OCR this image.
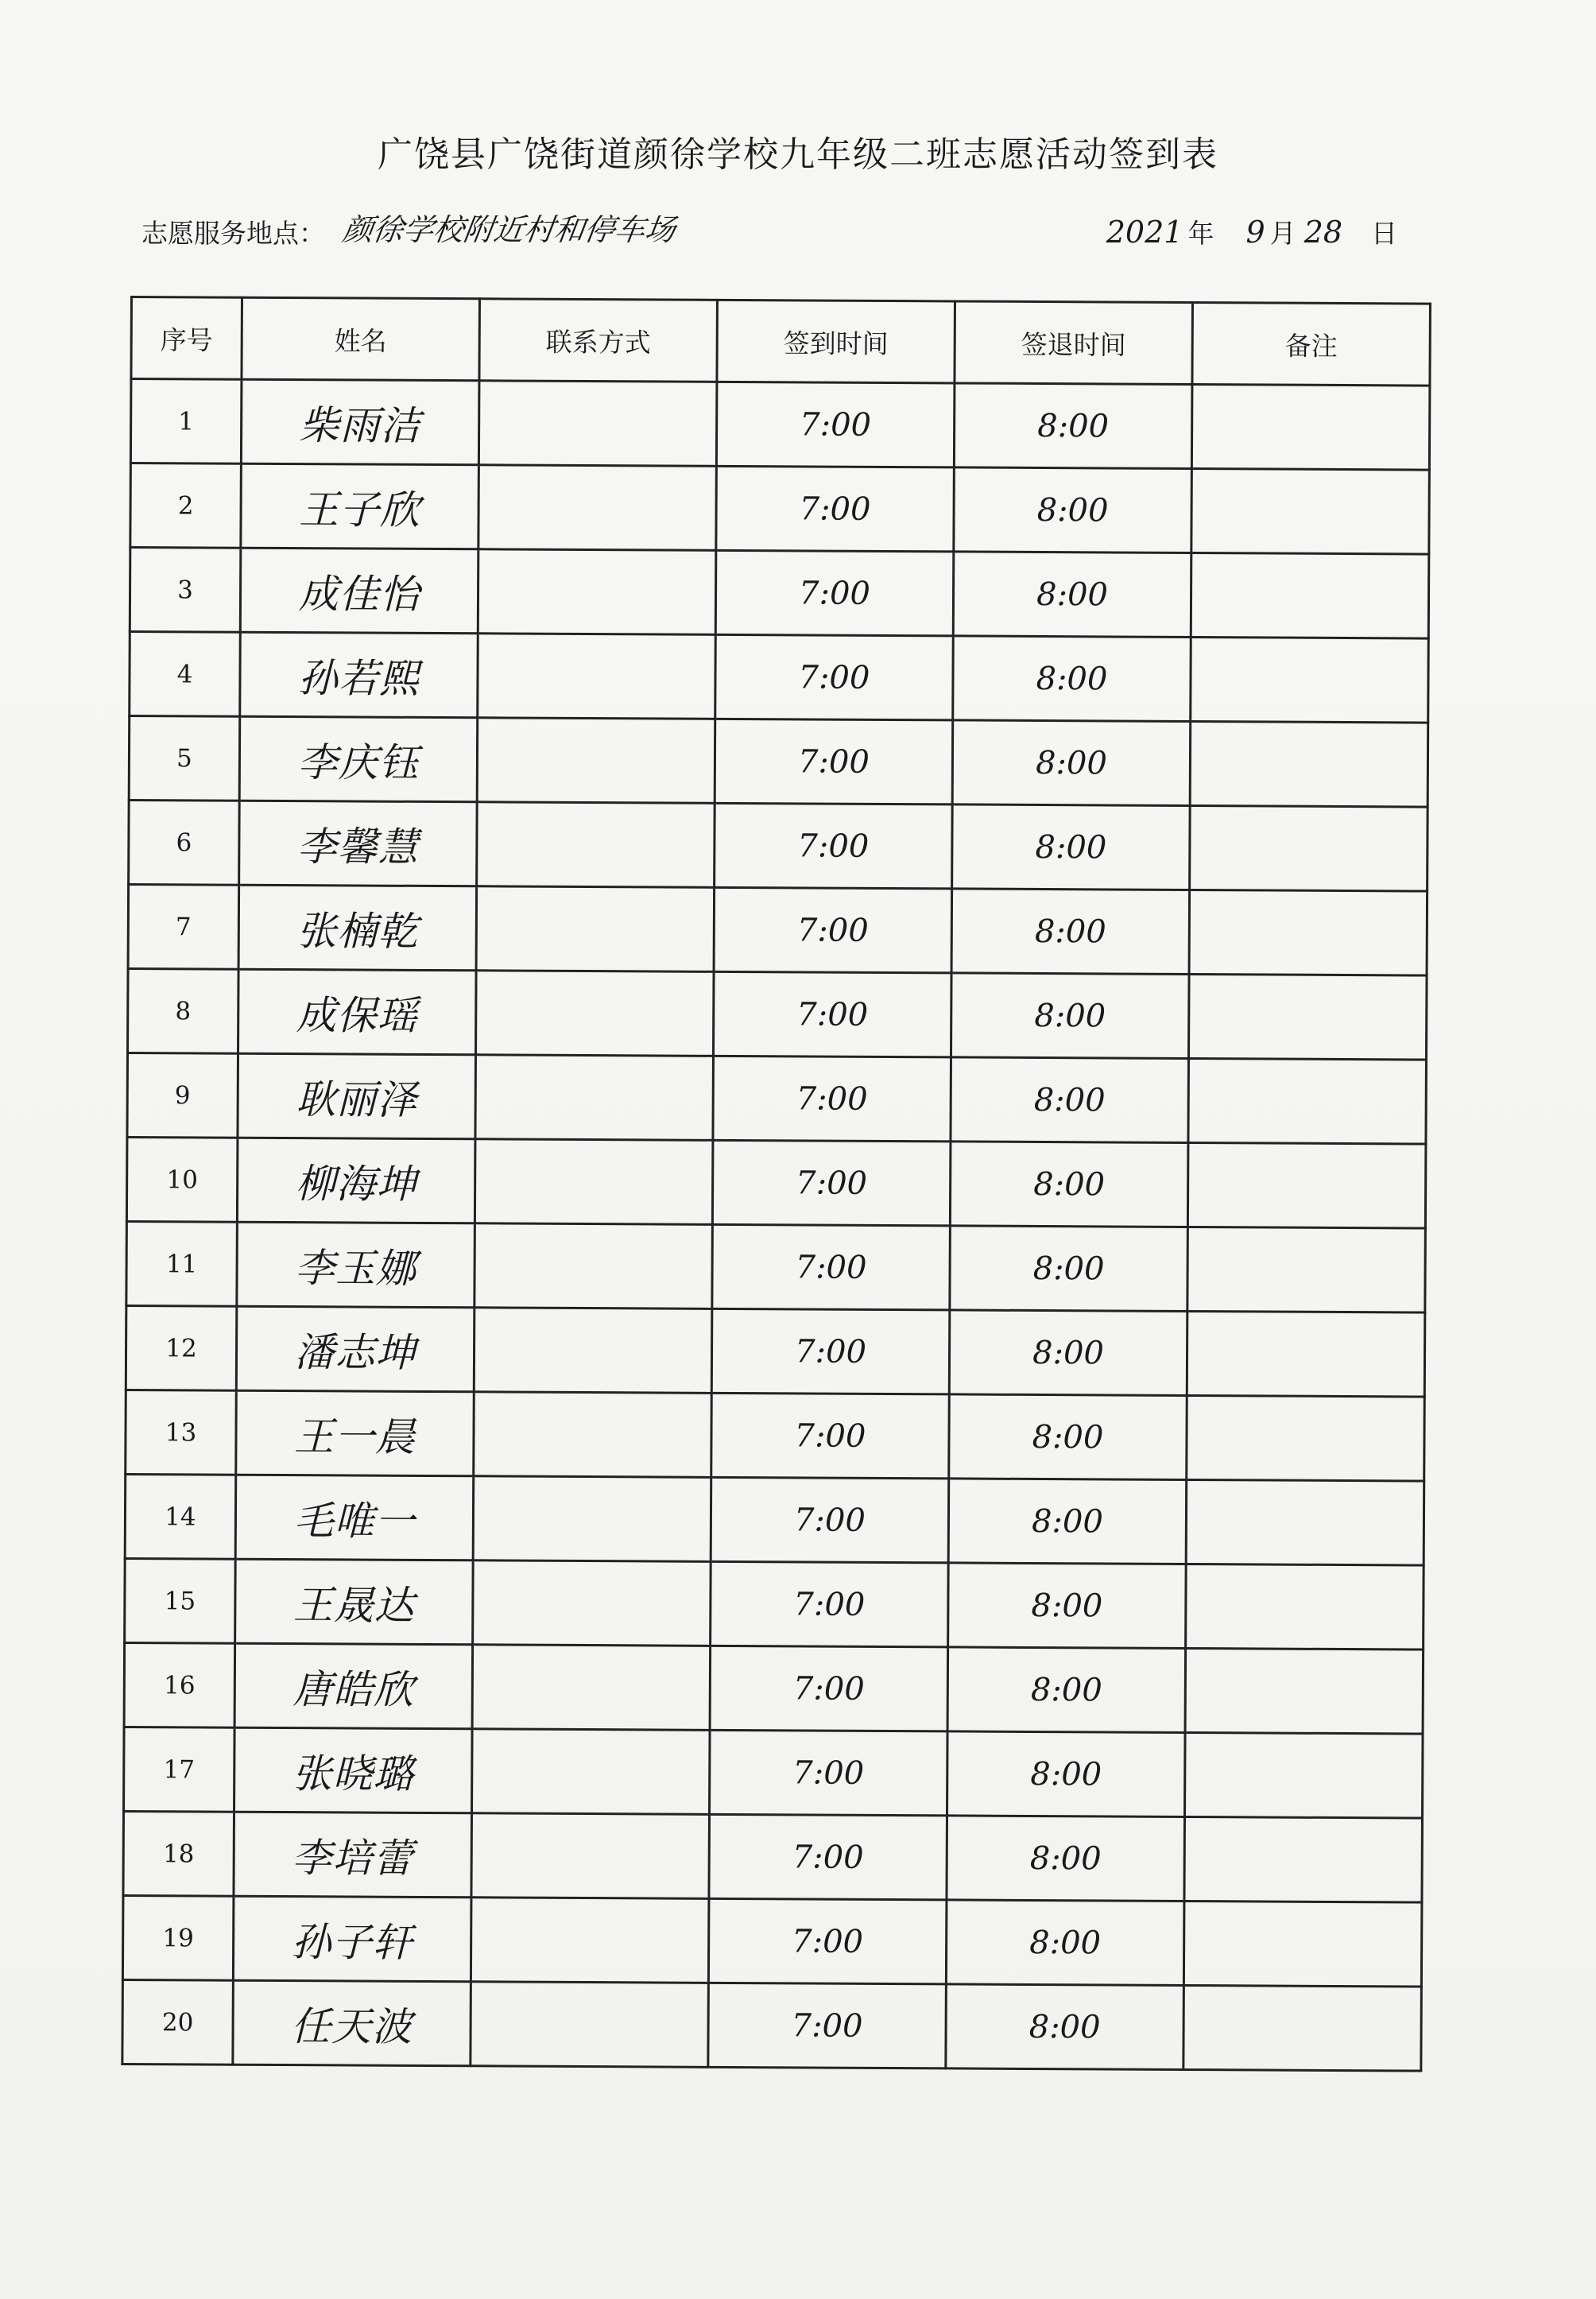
广饶县广饶街道颜徐学校九年级二班志愿活动签到表
志愿服务地点： 颜徐学校附近村和停车场	2021 年 9 月 28 日
序号	姓名	联系方式	签到时间	签退时间	备注
1	柴雨洁		7:00	8:00	
2	王子欣		7:00	8:00	
3	成佳怡		7:00	8:00	
4	孙若熙		7:00	8:00	
5	李庆钰		7:00	8:00	
6	李馨慧		7:00	8:00	
7	张楠乾		7:00	8:00	
8	成保瑶		7:00	8:00	
9	耿丽泽		7:00	8:00	
10	柳海坤		7:00	8:00	
11	李玉娜		7:00	8:00	
12	潘志坤		7:00	8:00	
13	王一晨		7:00	8:00	
14	毛唯一		7:00	8:00	
15	王晟达		7:00	8:00	
16	唐皓欣		7:00	8:00	
17	张晓璐		7:00	8:00	
18	李培蕾		7:00	8:00	
19	孙子轩		7:00	8:00	
20	任天波		7:00	8:00	
